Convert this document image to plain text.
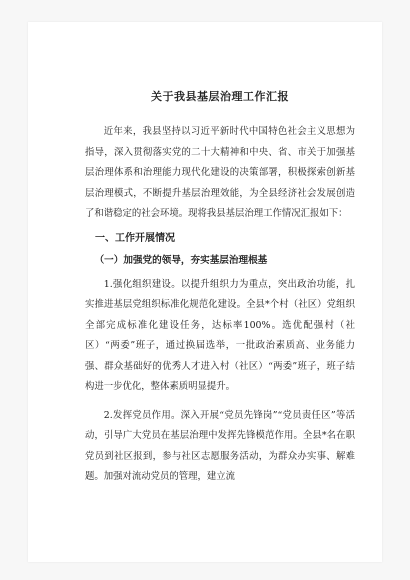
关于我县基层治理工作汇报

近年来，我县坚持以习近平新时代中国特色社会主义思想为指导，深入贯彻落实党的二十大精神和中央、省、市关于加强基层治理体系和治理能力现代化建设的决策部署，积极探索创新基层治理模式，不断提升基层治理效能，为全县经济社会发展创造了和谐稳定的社会环境。现将我县基层治理工作情况汇报如下：

一、工作开展情况
（一）加强党的领导，夯实基层治理根基

1.强化组织建设。以提升组织力为重点，突出政治功能，扎实推进基层党组织标准化规范化建设。全县*个村（社区）党组织全部完成标准化建设任务，达标率100%。选优配强村（社区）“两委”班子，通过换届选举，一批政治素质高、业务能力强、群众基础好的优秀人才进入村（社区）“两委”班子，班子结构进一步优化，整体素质明显提升。

2.发挥党员作用。深入开展“党员先锋岗”“党员责任区”等活动，引导广大党员在基层治理中发挥先锋模范作用。全县*名在职党员到社区报到，参与社区志愿服务活动，为群众办实事、解难题。加强对流动党员的管理，建立流
